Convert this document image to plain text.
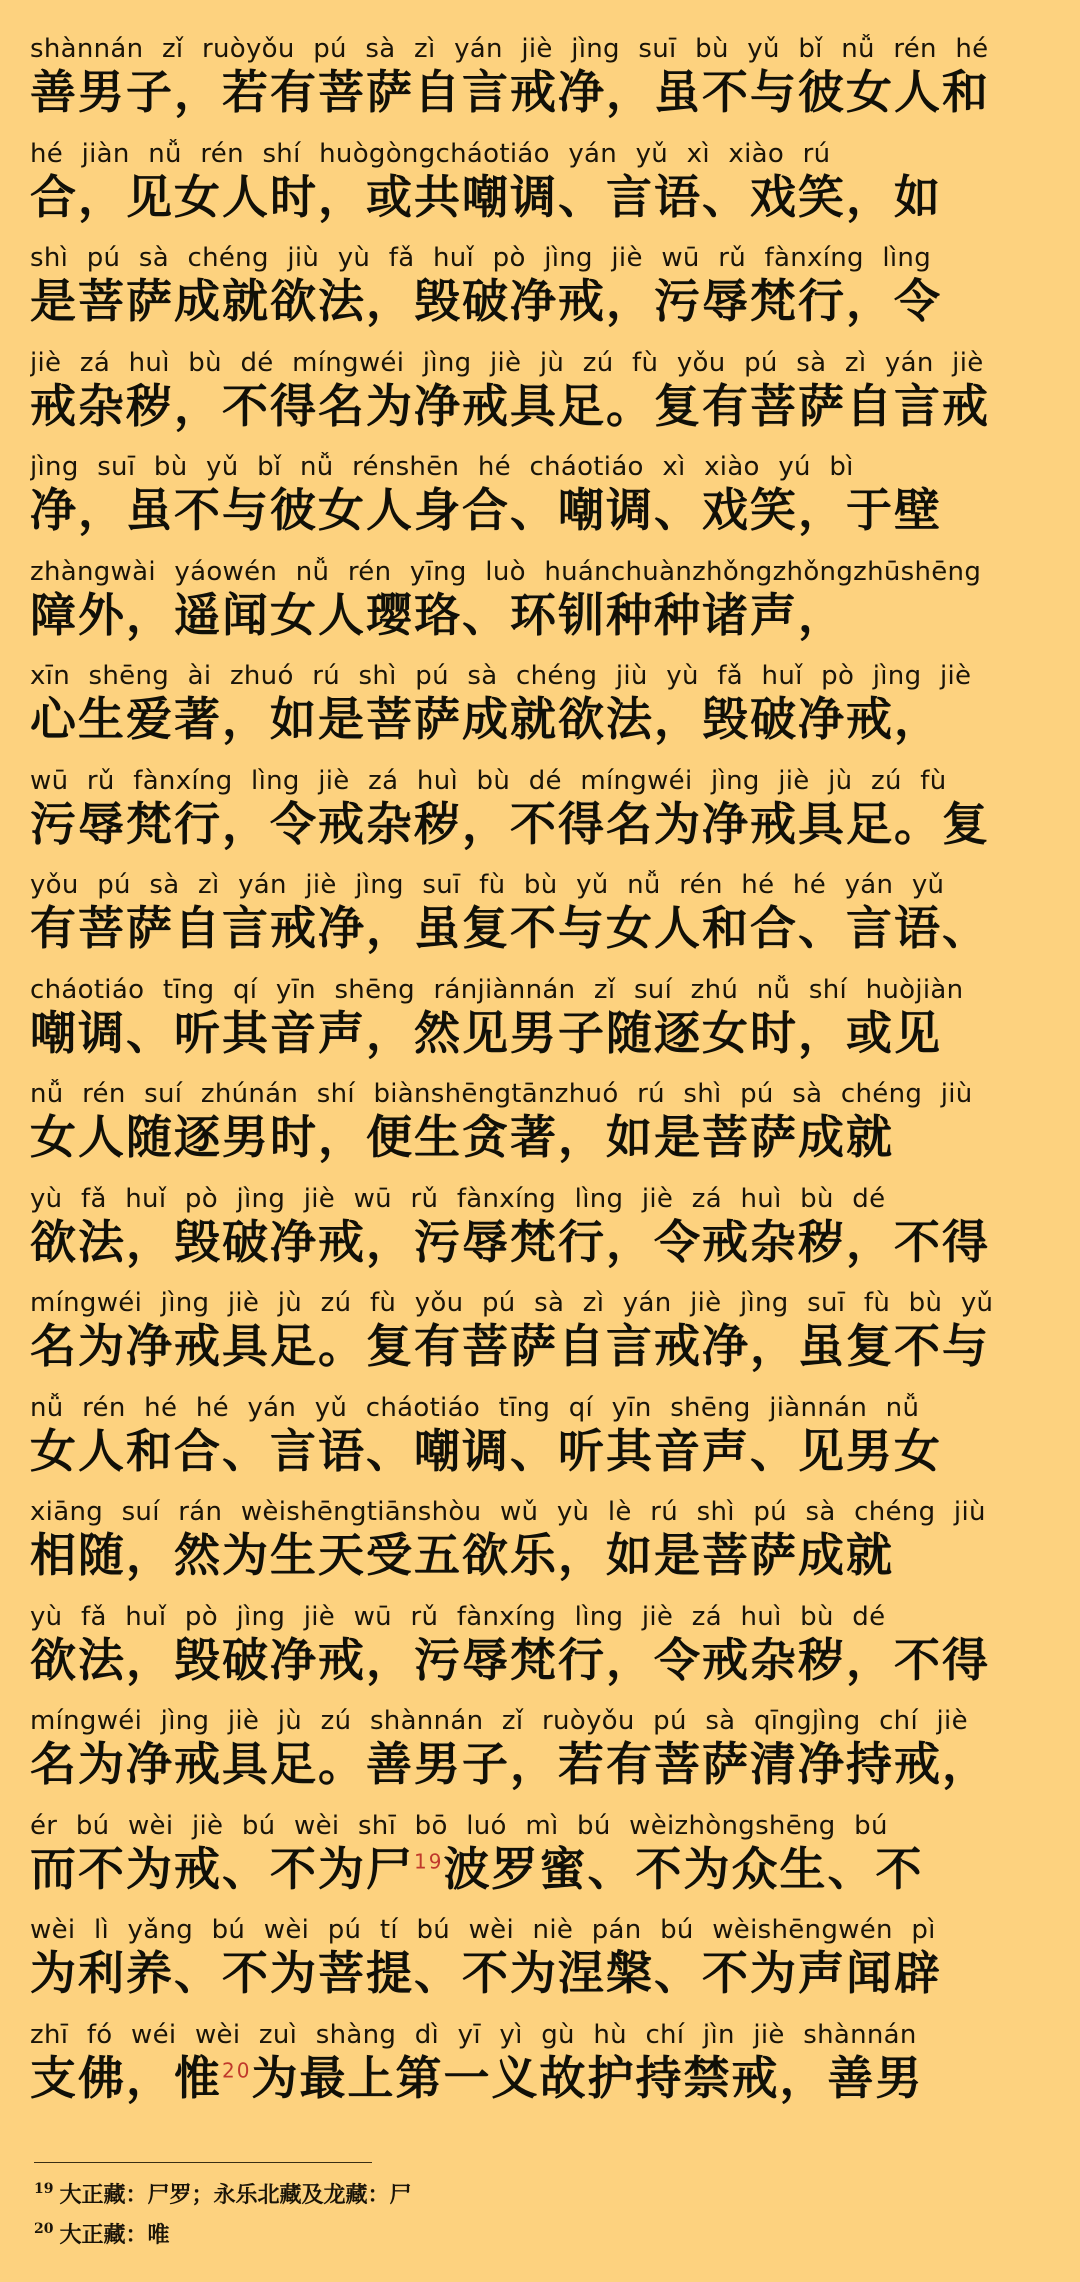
shànnán zǐ ruòyǒu pú sà zì yán jiè jìng suī bù yǔ bǐ nǚ rén hé
善男子，若有菩萨自言戒净，虽不与彼女人和
hé jiàn nǚ rén shí huògòngcháotiáo yán yǔ xì xiào rú
合，见女人时，或共嘲调、言语、戏笑，如
shì pú sà chéng jiù yù fǎ huǐ pò jìng jiè wū rǔ fànxíng lìng
是菩萨成就欲法，毁破净戒，污辱梵行，令
jiè zá huì bù dé míngwéi jìng jiè jù zú fù yǒu pú sà zì yán jiè
戒杂秽，不得名为净戒具足。复有菩萨自言戒
jìng suī bù yǔ bǐ nǚ rénshēn hé cháotiáo xì xiào yú bì
净，虽不与彼女人身合、嘲调、戏笑，于壁
zhàngwài yáowén nǚ rén yīng luò huánchuànzhǒngzhǒngzhūshēng
障外，遥闻女人璎珞、环钏种种诸声，
xīn shēng ài zhuó rú shì pú sà chéng jiù yù fǎ huǐ pò jìng jiè
心生爱著，如是菩萨成就欲法，毁破净戒，
wū rǔ fànxíng lìng jiè zá huì bù dé míngwéi jìng jiè jù zú fù
污辱梵行，令戒杂秽，不得名为净戒具足。复
yǒu pú sà zì yán jiè jìng suī fù bù yǔ nǚ rén hé hé yán yǔ
有菩萨自言戒净，虽复不与女人和合、言语、
cháotiáo tīng qí yīn shēng ránjiànnán zǐ suí zhú nǚ shí huòjiàn
嘲调、听其音声，然见男子随逐女时，或见
nǚ rén suí zhúnán shí biànshēngtānzhuó rú shì pú sà chéng jiù
女人随逐男时，便生贪著，如是菩萨成就
yù fǎ huǐ pò jìng jiè wū rǔ fànxíng lìng jiè zá huì bù dé
欲法，毁破净戒，污辱梵行，令戒杂秽，不得
míngwéi jìng jiè jù zú fù yǒu pú sà zì yán jiè jìng suī fù bù yǔ
名为净戒具足。复有菩萨自言戒净，虽复不与
nǚ rén hé hé yán yǔ cháotiáo tīng qí yīn shēng jiànnán nǚ
女人和合、言语、嘲调、听其音声、见男女
xiāng suí rán wèishēngtiānshòu wǔ yù lè rú shì pú sà chéng jiù
相随，然为生天受五欲乐，如是菩萨成就
yù fǎ huǐ pò jìng jiè wū rǔ fànxíng lìng jiè zá huì bù dé
欲法，毁破净戒，污辱梵行，令戒杂秽，不得
míngwéi jìng jiè jù zú shànnán zǐ ruòyǒu pú sà qīngjìng chí jiè
名为净戒具足。善男子，若有菩萨清净持戒，
ér bú wèi jiè bú wèi shī bō luó mì bú wèizhòngshēng bú
而不为戒、不为尸$^{19}$波罗蜜、不为众生、不
wèi lì yǎng bú wèi pú tí bú wèi niè pán bú wèishēngwén pì
为利养、不为菩提、不为涅槃、不为声闻辟
zhī fó wéi wèi zuì shàng dì yī yì gù hù chí jìn jiè shànnán
支佛，惟$^{20}$为最上第一义故护持禁戒，善男
$^{19}$ 大正藏：尸罗；永乐北藏及龙藏：尸
$^{20}$ 大正藏：唯
